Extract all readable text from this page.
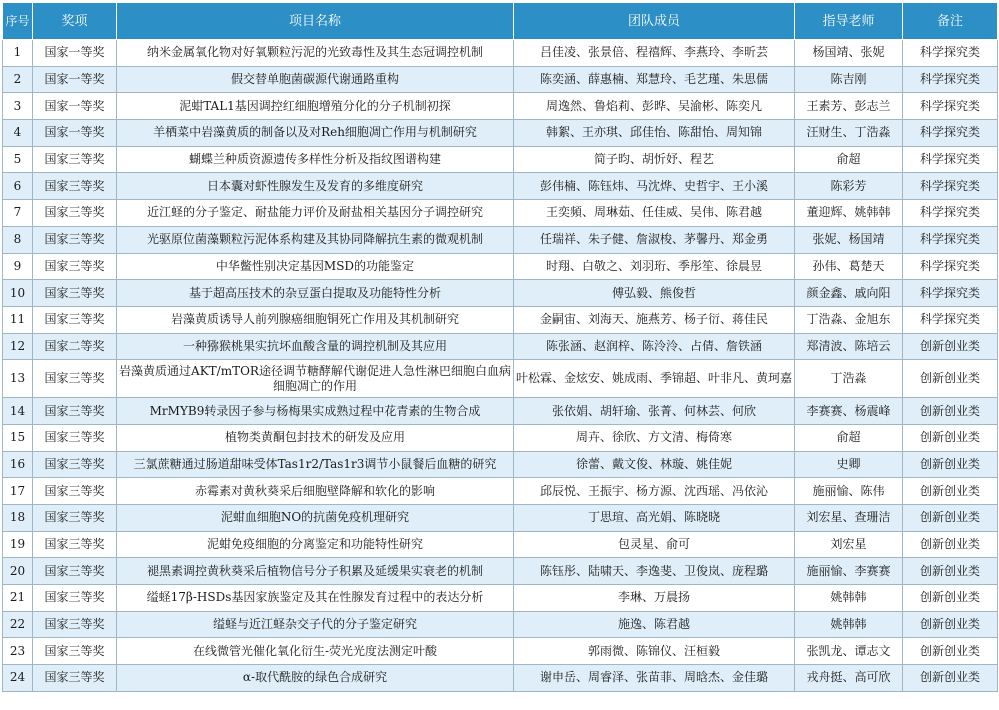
序号	奖项	项目名称	团队成员	指导老师	备注
1	国家一等奖	纳米金属氧化物对好氧颗粒污泥的光致毒性及其生态冠调控机制	吕佳凌、张景倍、程禧辉、李燕玲、李昕芸	杨国靖、张妮	科学探究类
2	国家一等奖	假交替单胞菌碳源代谢通路重构	陈奕涵、薛惠楠、郑慧玲、毛艺瑾、朱思儒	陈吉刚	科学探究类
3	国家一等奖	泥蚶TAL1基因调控红细胞增殖分化的分子机制初探	周逸然、鲁焰莉、彭晔、吴渝彬、陈奕凡	王素芳、彭志兰	科学探究类
4	国家一等奖	羊栖菜中岩藻黄质的制备以及对Reh细胞凋亡作用与机制研究	韩絮、王亦琪、邱佳怡、陈甜怡、周知锦	汪财生、丁浩淼	科学探究类
5	国家三等奖	蝴蝶兰种质资源遗传多样性分析及指纹图谱构建	简子昀、胡忻妤、程艺	俞超	科学探究类
6	国家三等奖	日本囊对虾性腺发生及发育的多维度研究	彭伟楠、陈钰炜、马沈烨、史哲宇、王小溪	陈彩芳	科学探究类
7	国家三等奖	近江蛏的分子鉴定、耐盐能力评价及耐盐相关基因分子调控研究	王奕頻、周琳茹、任佳威、吴伟、陈君越	董迎辉、姚韩韩	科学探究类
8	国家三等奖	光驱原位菌藻颗粒污泥体系构建及其协同降解抗生素的微观机制	任瑞祥、朱子健、詹淑梭、茅馨丹、郑金勇	张妮、杨国靖	科学探究类
9	国家三等奖	中华鳖性别决定基因MSD的功能鉴定	时翔、白敬之、刘羽珩、季彤笙、徐晨昱	孙伟、葛楚天	科学探究类
10	国家三等奖	基于超高压技术的杂豆蛋白提取及功能特性分析	傅弘毅、熊俊哲	颜金鑫、戚向阳	科学探究类
11	国家三等奖	岩藻黄质诱导人前列腺癌细胞铜死亡作用及其机制研究	金嗣宙、刘海天、施燕芳、杨子衍、蒋佳民	丁浩淼、金旭东	科学探究类
12	国家二等奖	一种猕猴桃果实抗坏血酸含量的调控机制及其应用	陈张涵、赵润梓、陈泠泠、占倩、詹铁涵	郑清波、陈培云	创新创业类
13	国家三等奖	岩藻黄质通过AKT/mTOR途径调节糖酵解代谢促进人急性淋巴细胞白血病细胞凋亡的作用	叶松霖、金炫安、姚成雨、季锦超、叶非凡、黄珂嘉	丁浩淼	创新创业类
14	国家三等奖	MrMYB9转录因子参与杨梅果实成熟过程中花青素的生物合成	张依娟、胡轩瑜、张菁、何林芸、何欣	李赛赛、杨震峰	创新创业类
15	国家三等奖	植物类黄酮包封技术的研发及应用	周卉、徐欣、方文清、梅倚寒	俞超	创新创业类
16	国家三等奖	三氯蔗糖通过肠道甜味受体Tas1r2/Tas1r3调节小鼠餐后血糖的研究	徐蕾、戴文俊、林璇、姚佳妮	史卿	创新创业类
17	国家三等奖	赤霉素对黄秋葵采后细胞壁降解和软化的影响	邱辰悦、王振宇、杨方源、沈西瑶、冯依沁	施丽愉、陈伟	创新创业类
18	国家三等奖	泥蚶血细胞NO的抗菌免疫机理研究	丁思瑄、高光娟、陈晓晓	刘宏星、查珊洁	创新创业类
19	国家三等奖	泥蚶免疫细胞的分离鉴定和功能特性研究	包灵星、俞可	刘宏星	创新创业类
20	国家三等奖	褪黑素调控黄秋葵采后植物信号分子积累及延缓果实衰老的机制	陈钰彤、陆啸天、李逸斐、卫俊岚、庞程璐	施丽愉、李赛赛	创新创业类
21	国家三等奖	缢蛏17β-HSDs基因家族鉴定及其在性腺发育过程中的表达分析	李琳、万晨扬	姚韩韩	创新创业类
22	国家三等奖	缢蛏与近江蛏杂交子代的分子鉴定研究	施逸、陈君越	姚韩韩	创新创业类
23	国家三等奖	在线微管光催化氧化衍生-荧光光度法测定叶酸	郭雨微、陈锦仪、汪桓毅	张凯龙、谭志文	创新创业类
24	国家三等奖	α-取代酰胺的绿色合成研究	谢申岳、周睿泽、张苗菲、周晗杰、金佳璐	戎舟挺、高可欣	创新创业类
